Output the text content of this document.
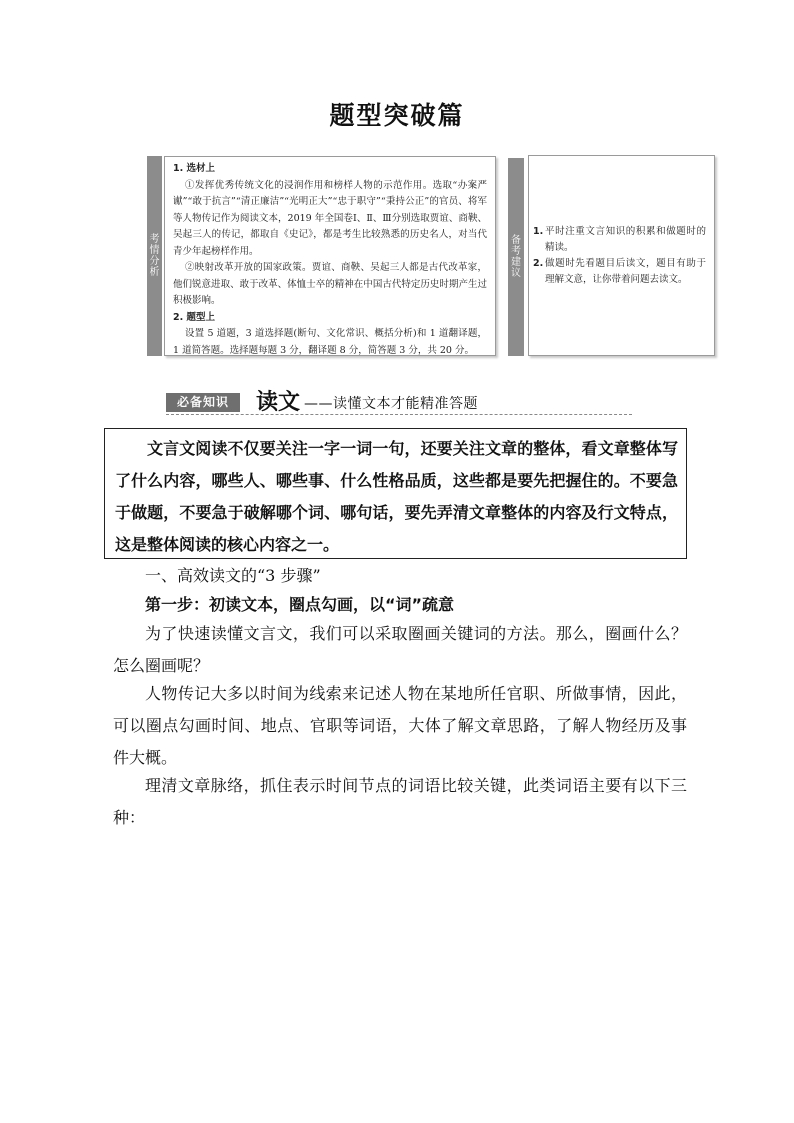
题型突破篇
考
情
分
析

1. 选材上

①发挥优秀传统文化的浸润作用和榜样人物的示范作用。选取“办案严谳”“敢于抗言”“清正廉洁”“光明正大”“忠于职守”“秉持公正”的官员、将军等人物传记作为阅读文本，2019 年全国卷Ⅰ、Ⅱ、Ⅲ分别选取贾谊、商鞅、吴起三人的传记，都取自《史记》，都是考生比较熟悉的历史名人，对当代青少年起榜样作用。

②映射改革开放的国家政策。贾谊、商鞅、吴起三人都是古代改革家，他们锐意进取、敢于改革、体恤士卒的精神在中国古代特定历史时期产生过积极影响。

2. 题型上

设置 5 道题，3 道选择题(断句、文化常识、概括分析)和 1 道翻译题，1 道简答题。选择题每题 3 分，翻译题 8 分，简答题 3 分，共 20 分。

备
考
建
议
1. 平时注重文言知识的积累和做题时的精读。
2. 做题时先看题目后读文，题目有助于理解文意，让你带着问题去读文。
必备知识	读文 ——读懂文本才能精准答题
文言文阅读不仅要关注一字一词一句，还要关注文章的整体，看文章整体写了什么内容，哪些人、哪些事、什么性格品质，这些都是要先把握住的。不要急于做题，不要急于破解哪个词、哪句话，要先弄清文章整体的内容及行文特点，这是整体阅读的核心内容之一。
一、高效读文的“3 步骤”
第一步：初读文本，圈点勾画，以“词”疏意
为了快速读懂文言文，我们可以采取圈画关键词的方法。那么，圈画什么？怎么圈画呢？
人物传记大多以时间为线索来记述人物在某地所任官职、所做事情，因此，可以圈点勾画时间、地点、官职等词语，大体了解文章思路，了解人物经历及事件大概。
理清文章脉络，抓住表示时间节点的词语比较关键，此类词语主要有以下三种：
